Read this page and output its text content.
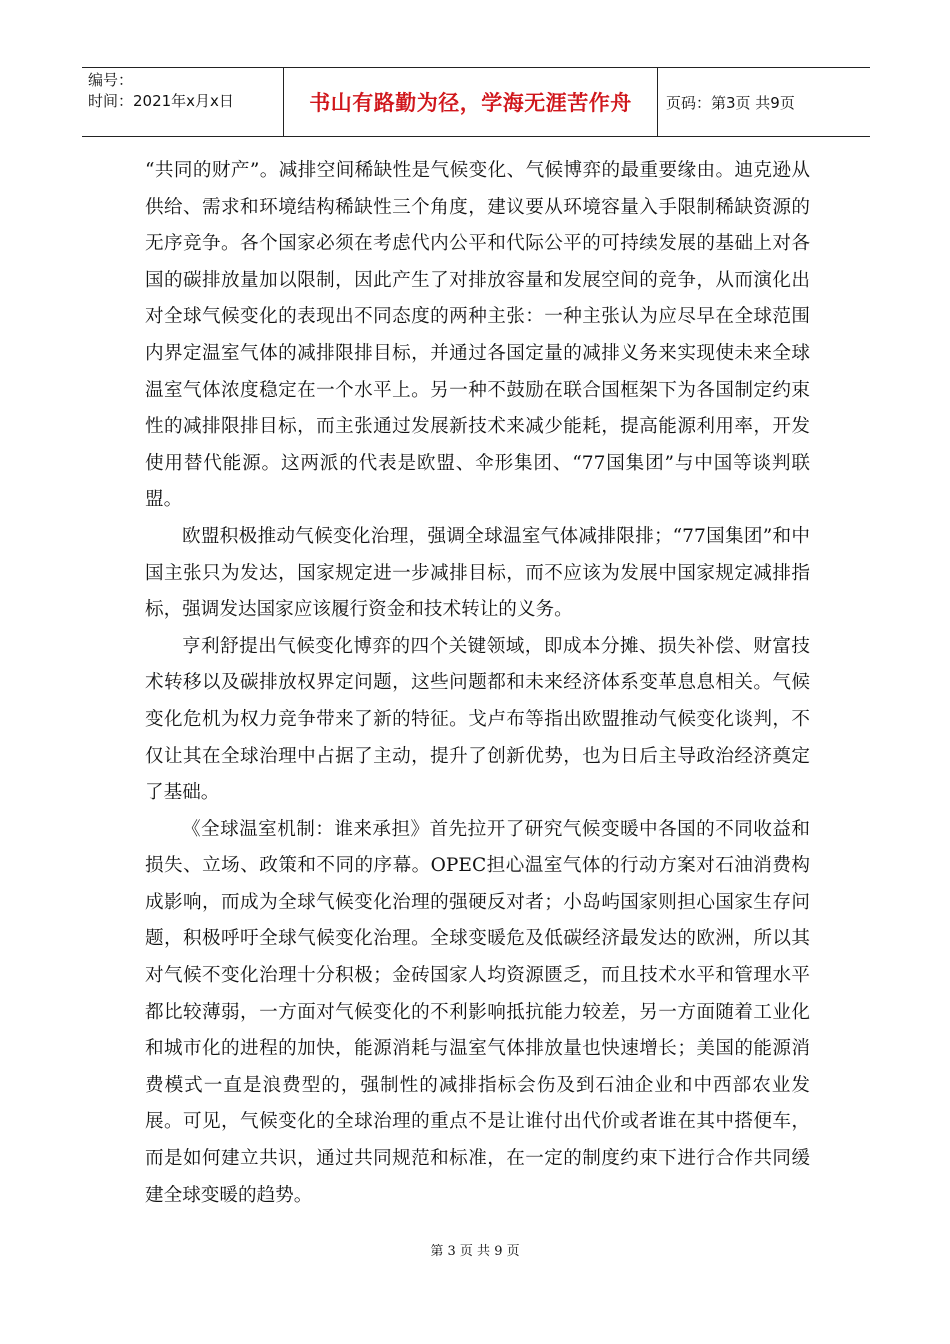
编号：
时间：2021年x月x日	书山有路勤为径，学海无涯苦作舟 页码：第3页 共9页

“共同的财产”。减排空间稀缺性是气候变化、气候博弈的最重要缘由。迪克逊从供给、需求和环境结构稀缺性三个角度，建议要从环境容量入手限制稀缺资源的无序竞争。各个国家必须在考虑代内公平和代际公平的可持续发展的基础上对各国的碳排放量加以限制，因此产生了对排放容量和发展空间的竞争，从而演化出对全球气候变化的表现出不同态度的两种主张：一种主张认为应尽早在全球范围内界定温室气体的减排限排目标，并通过各国定量的减排义务来实现使未来全球温室气体浓度稳定在一个水平上。另一种不鼓励在联合国框架下为各国制定约束性的减排限排目标，而主张通过发展新技术来减少能耗，提高能源利用率，开发使用替代能源。这两派的代表是欧盟、伞形集团、“77国集团”与中国等谈判联盟。

欧盟积极推动气候变化治理，强调全球温室气体减排限排；“77国集团”和中国主张只为发达，国家规定进一步减排目标，而不应该为发展中国家规定减排指标，强调发达国家应该履行资金和技术转让的义务。

亨利舒提出气候变化博弈的四个关键领域，即成本分摊、损失补偿、财富技术转移以及碳排放权界定问题，这些问题都和未来经济体系变革息息相关。气候变化危机为权力竞争带来了新的特征。戈卢布等指出欧盟推动气候变化谈判，不仅让其在全球治理中占据了主动，提升了创新优势，也为日后主导政治经济奠定了基础。

《全球温室机制：谁来承担》首先拉开了研究气候变暖中各国的不同收益和损失、立场、政策和不同的序幕。OPEC担心温室气体的行动方案对石油消费构成影响，而成为全球气候变化治理的强硬反对者；小岛屿国家则担心国家生存问题，积极呼吁全球气候变化治理。全球变暖危及低碳经济最发达的欧洲，所以其对气候不变化治理十分积极；金砖国家人均资源匮乏，而且技术水平和管理水平都比较薄弱，一方面对气候变化的不利影响抵抗能力较差，另一方面随着工业化和城市化的进程的加快，能源消耗与温室气体排放量也快速增长；美国的能源消费模式一直是浪费型的，强制性的减排指标会伤及到石油企业和中西部农业发展。可见，气候变化的全球治理的重点不是让谁付出代价或者谁在其中搭便车，而是如何建立共识，通过共同规范和标准，在一定的制度约束下进行合作共同缓建全球变暖的趋势。

第 3 页 共 9 页
